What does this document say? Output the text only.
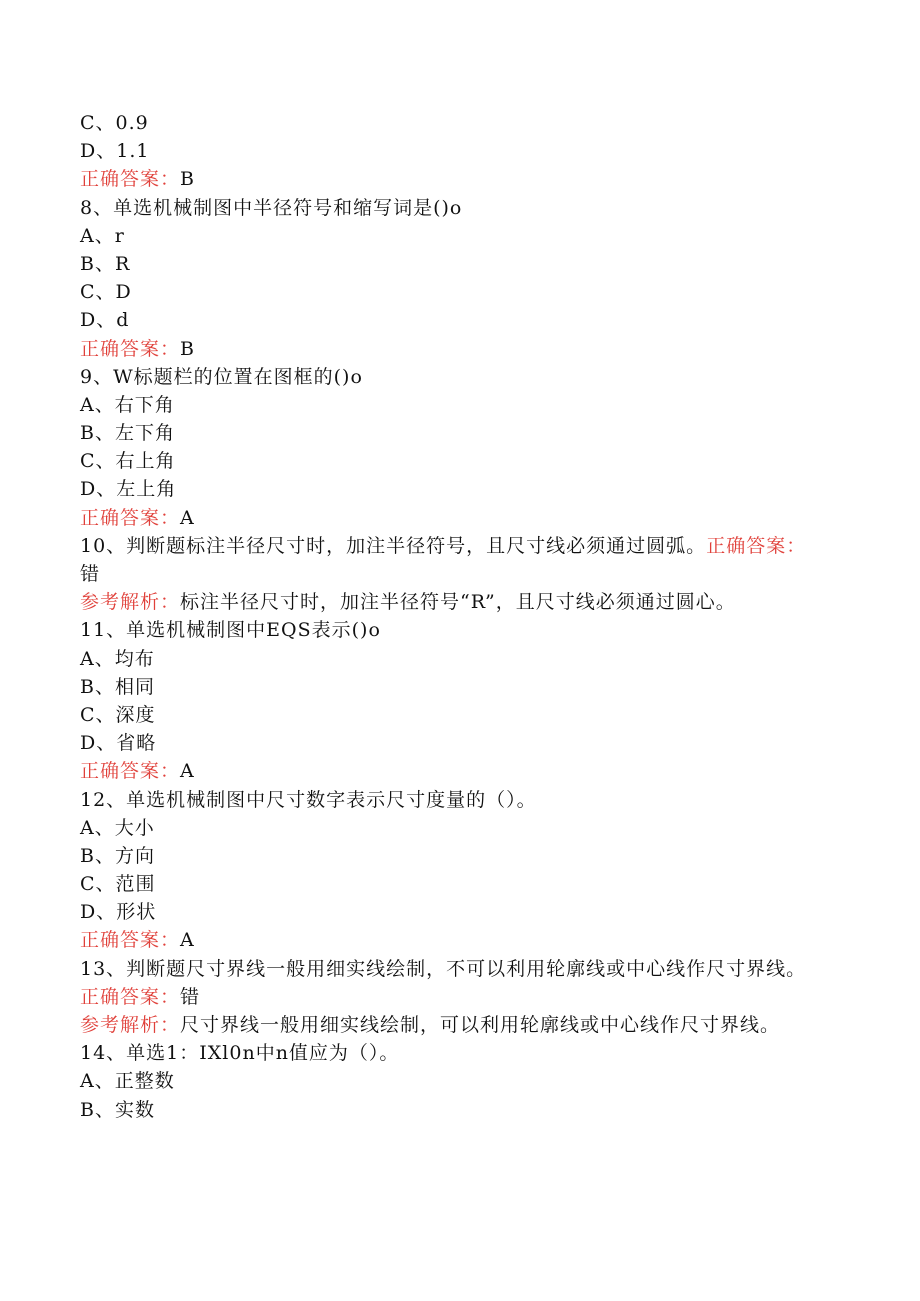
C、0.9
D、1.1
正确答案：B
8、单选机械制图中半径符号和缩写词是()o
A、r
B、R
C、D
D、d
正确答案：B
9、W标题栏的位置在图框的()o
A、右下角
B、左下角
C、右上角
D、左上角
正确答案：A
10、判断题标注半径尺寸时，加注半径符号，且尺寸线必须通过圆弧。正确答案：错
参考解析：标注半径尺寸时，加注半径符号“R”，且尺寸线必须通过圆心。
11、单选机械制图中EQS表示()o
A、均布
B、相同
C、深度
D、省略
正确答案：A
12、单选机械制图中尺寸数字表示尺寸度量的（）。
A、大小
B、方向
C、范围
D、形状
正确答案：A
13、判断题尺寸界线一般用细实线绘制，不可以利用轮廓线或中心线作尺寸界线。
正确答案：错
参考解析：尺寸界线一般用细实线绘制，可以利用轮廓线或中心线作尺寸界线。
14、单选1：IXl0n中n值应为（）。
A、正整数
B、实数
